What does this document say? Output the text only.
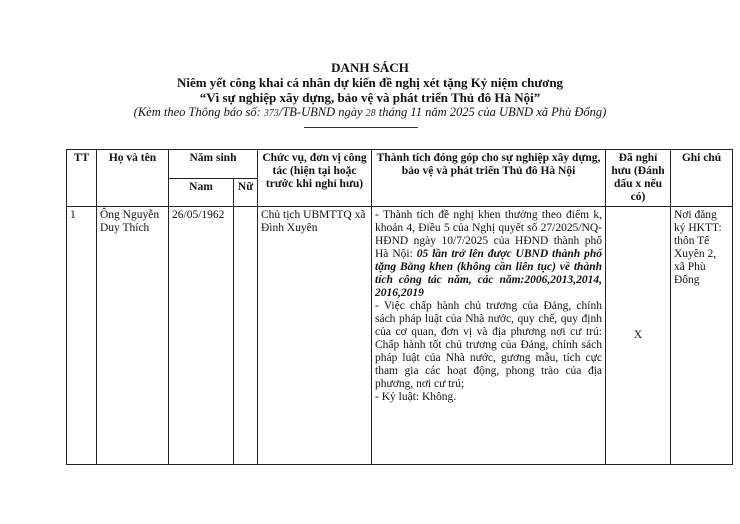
DANH SÁCH
Niêm yết công khai cá nhân dự kiến đề nghị xét tặng Kỷ niệm chương
“Vì sự nghiệp xây dựng, bảo vệ và phát triển Thủ đô Hà Nội”
(Kèm theo Thông báo số: 373/TB-UBND ngày 28 tháng 11 năm 2025 của UBND xã Phù Đổng)
TT	Họ và tên	Năm sinh		Chức vụ, đơn vị công tác (hiện tại hoặc trước khi nghỉ hưu)	Thành tích đóng góp cho sự nghiệp xây dựng, bảo vệ và phát triển Thủ đô Hà Nội	Đã nghỉ hưu (Đánh dấu x nếu có)	Ghi chú
		Nam	Nữ				
1	Ông Nguyễn Duy Thích	26/05/1962		Chủ tịch UBMTTQ xã Đình Xuyên	- Thành tích đề nghị khen thưởng theo điểm k, khoản 4, Điều 5 của Nghị quyết số 27/2025/NQ-HĐND ngày 10/7/2025 của HĐND thành phố Hà Nội: 05 lần trở lên được UBND thành phố tặng Bằng khen (không cần liên tục) về thành tích công tác năm, các năm:2006,2013,2014, 2016,2019
- Việc chấp hành chủ trương của Đảng, chính sách pháp luật của Nhà nước, quy chế, quy định của cơ quan, đơn vị và địa phương nơi cư trú: Chấp hành tốt chủ trương của Đảng, chính sách pháp luật của Nhà nước, gương mẫu, tích cực tham gia các hoạt động, phong trào của địa phương, nơi cư trú;
- Kỷ luật: Không.	X	Nơi đăng ký HKTT: thôn Tế Xuyên 2, xã Phù Đổng
